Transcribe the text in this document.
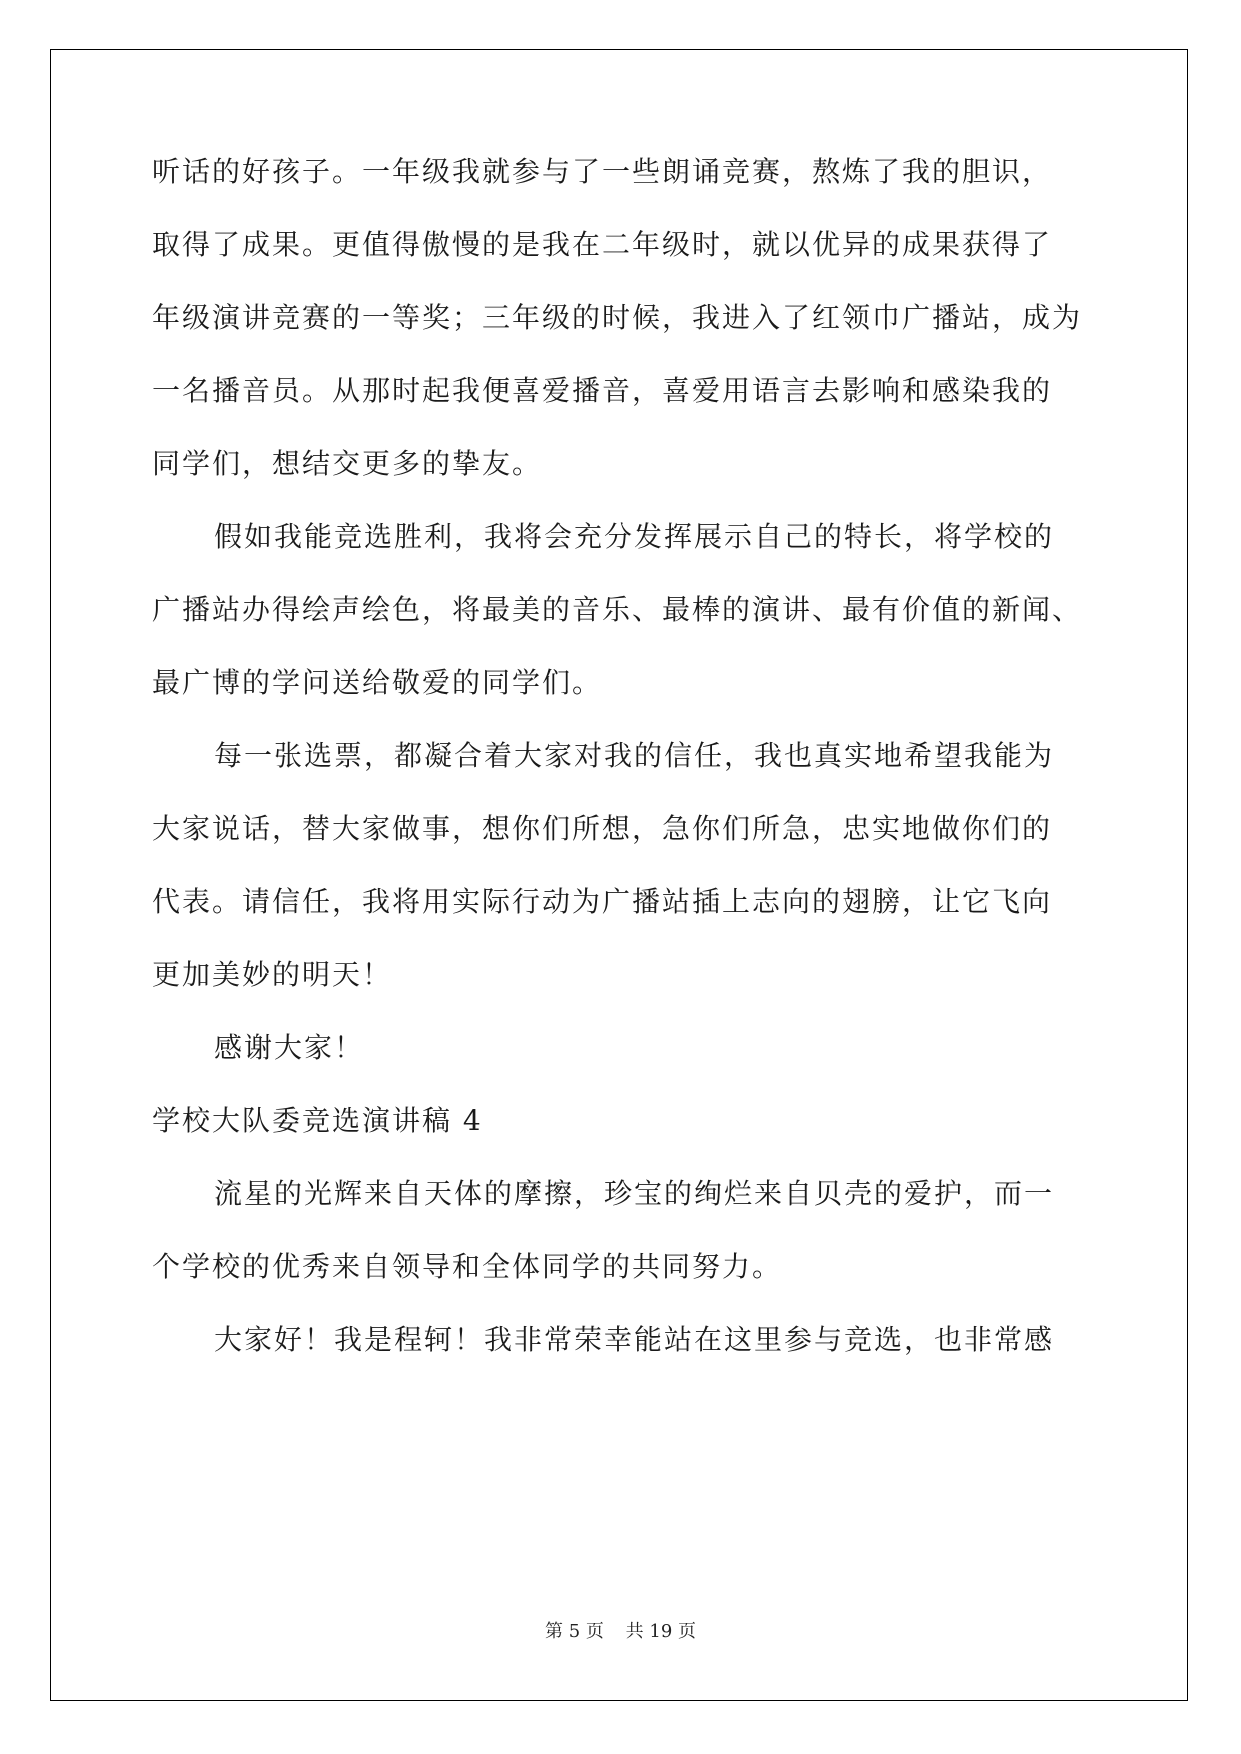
听话的好孩子。一年级我就参与了一些朗诵竞赛，熬炼了我的胆识，
取得了成果。更值得傲慢的是我在二年级时，就以优异的成果获得了
年级演讲竞赛的一等奖；三年级的时候，我进入了红领巾广播站，成为
一名播音员。从那时起我便喜爱播音，喜爱用语言去影响和感染我的
同学们，想结交更多的挚友。
假如我能竞选胜利，我将会充分发挥展示自己的特长，将学校的
广播站办得绘声绘色，将最美的音乐、最棒的演讲、最有价值的新闻、
最广博的学问送给敬爱的同学们。
每一张选票，都凝合着大家对我的信任，我也真实地希望我能为
大家说话，替大家做事，想你们所想，急你们所急，忠实地做你们的
代表。请信任，我将用实际行动为广播站插上志向的翅膀，让它飞向
更加美妙的明天！
感谢大家！
学校大队委竞选演讲稿 4
流星的光辉来自天体的摩擦，珍宝的绚烂来自贝壳的爱护，而一
个学校的优秀来自领导和全体同学的共同努力。
大家好！我是程轲！我非常荣幸能站在这里参与竞选，也非常感
第 5 页 共 19 页
